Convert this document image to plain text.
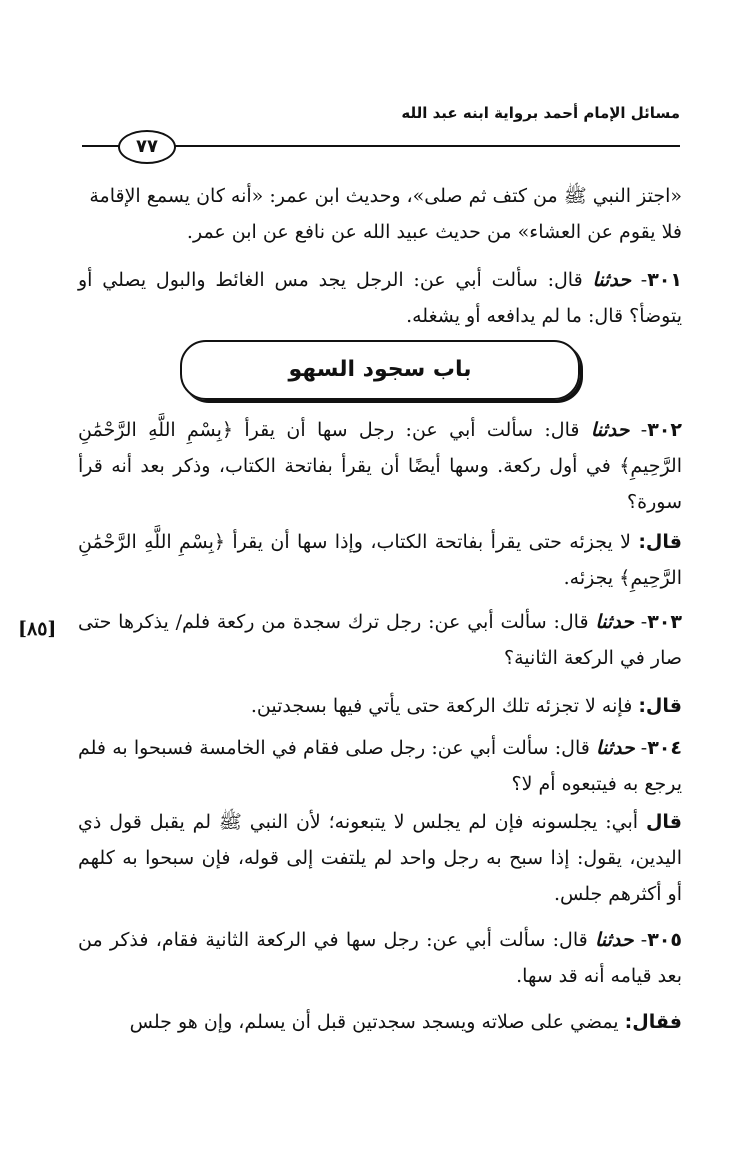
مسائل الإمام أحمد برواية ابنه عبد الله
٧٧

«اجتز النبي ﷺ من كتف ثم صلى»، وحديث ابن عمر: «أنه كان يسمع الإقامة

فلا يقوم عن العشاء» من حديث عبيد الله عن نافع عن ابن عمر.

٣٠١- حدثنا قال: سألت أبي عن: الرجل يجد مس الغائط والبول يصلي أو يتوضأ؟ قال: ما لم يدافعه أو يشغله.

باب سجود السهو

٣٠٢- حدثنا قال: سألت أبي عن: رجل سها أن يقرأ ﴿بِسْمِ اللَّهِ الرَّحْمَٰنِ الرَّحِيمِ﴾ في أول ركعة. وسها أيضًا أن يقرأ بفاتحة الكتاب، وذكر بعد أنه قرأ سورة؟

قال: لا يجزئه حتى يقرأ بفاتحة الكتاب، وإذا سها أن يقرأ ﴿بِسْمِ اللَّهِ الرَّحْمَٰنِ الرَّحِيمِ﴾ يجزئه.

[٨٥]	٣٠٣- حدثنا قال: سألت أبي عن: رجل ترك سجدة من ركعة فلم/ يذكرها حتى صار في الركعة الثانية؟

قال: فإنه لا تجزئه تلك الركعة حتى يأتي فيها بسجدتين.

٣٠٤- حدثنا قال: سألت أبي عن: رجل صلى فقام في الخامسة فسبحوا به فلم يرجع به فيتبعوه أم لا؟

قال أبي: يجلسونه فإن لم يجلس لا يتبعونه؛ لأن النبي ﷺ لم يقبل قول ذي اليدين، يقول: إذا سبح به رجل واحد لم يلتفت إلى قوله، فإن سبحوا به كلهم أو أكثرهم جلس.

٣٠٥- حدثنا قال: سألت أبي عن: رجل سها في الركعة الثانية فقام، فذكر من بعد قيامه أنه قد سها.

فقال: يمضي على صلاته ويسجد سجدتين قبل أن يسلم، وإن هو جلس
